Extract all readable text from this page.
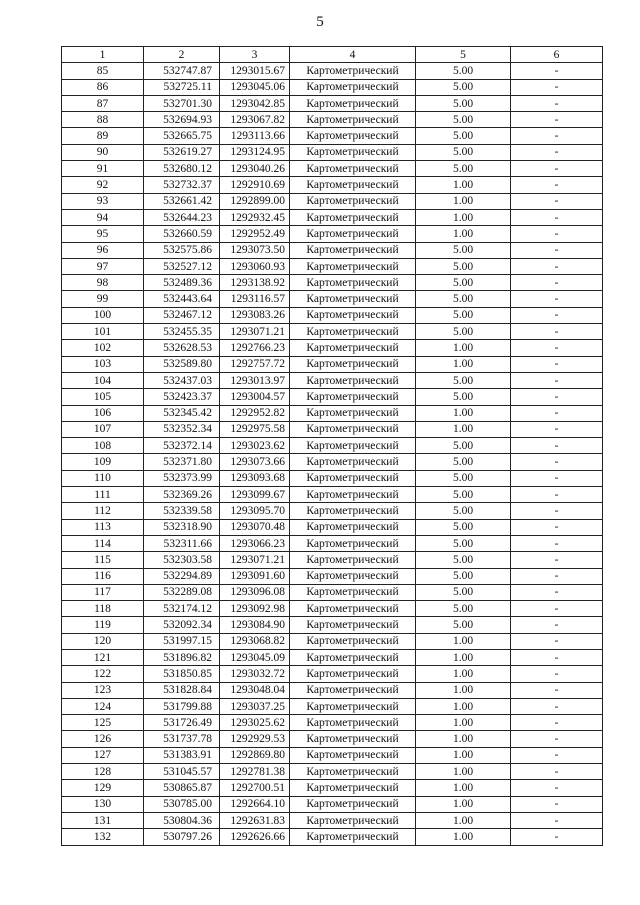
5
1	2	3	4	5	6
85	532747.87	1293015.67	Картометрический	5.00	-
86	532725.11	1293045.06	Картометрический	5.00	-
87	532701.30	1293042.85	Картометрический	5.00	-
88	532694.93	1293067.82	Картометрический	5.00	-
89	532665.75	1293113.66	Картометрический	5.00	-
90	532619.27	1293124.95	Картометрический	5.00	-
91	532680.12	1293040.26	Картометрический	5.00	-
92	532732.37	1292910.69	Картометрический	1.00	-
93	532661.42	1292899.00	Картометрический	1.00	-
94	532644.23	1292932.45	Картометрический	1.00	-
95	532660.59	1292952.49	Картометрический	1.00	-
96	532575.86	1293073.50	Картометрический	5.00	-
97	532527.12	1293060.93	Картометрический	5.00	-
98	532489.36	1293138.92	Картометрический	5.00	-
99	532443.64	1293116.57	Картометрический	5.00	-
100	532467.12	1293083.26	Картометрический	5.00	-
101	532455.35	1293071.21	Картометрический	5.00	-
102	532628.53	1292766.23	Картометрический	1.00	-
103	532589.80	1292757.72	Картометрический	1.00	-
104	532437.03	1293013.97	Картометрический	5.00	-
105	532423.37	1293004.57	Картометрический	5.00	-
106	532345.42	1292952.82	Картометрический	1.00	-
107	532352.34	1292975.58	Картометрический	1.00	-
108	532372.14	1293023.62	Картометрический	5.00	-
109	532371.80	1293073.66	Картометрический	5.00	-
110	532373.99	1293093.68	Картометрический	5.00	-
111	532369.26	1293099.67	Картометрический	5.00	-
112	532339.58	1293095.70	Картометрический	5.00	-
113	532318.90	1293070.48	Картометрический	5.00	-
114	532311.66	1293066.23	Картометрический	5.00	-
115	532303.58	1293071.21	Картометрический	5.00	-
116	532294.89	1293091.60	Картометрический	5.00	-
117	532289.08	1293096.08	Картометрический	5.00	-
118	532174.12	1293092.98	Картометрический	5.00	-
119	532092.34	1293084.90	Картометрический	5.00	-
120	531997.15	1293068.82	Картометрический	1.00	-
121	531896.82	1293045.09	Картометрический	1.00	-
122	531850.85	1293032.72	Картометрический	1.00	-
123	531828.84	1293048.04	Картометрический	1.00	-
124	531799.88	1293037.25	Картометрический	1.00	-
125	531726.49	1293025.62	Картометрический	1.00	-
126	531737.78	1292929.53	Картометрический	1.00	-
127	531383.91	1292869.80	Картометрический	1.00	-
128	531045.57	1292781.38	Картометрический	1.00	-
129	530865.87	1292700.51	Картометрический	1.00	-
130	530785.00	1292664.10	Картометрический	1.00	-
131	530804.36	1292631.83	Картометрический	1.00	-
132	530797.26	1292626.66	Картометрический	1.00	-
